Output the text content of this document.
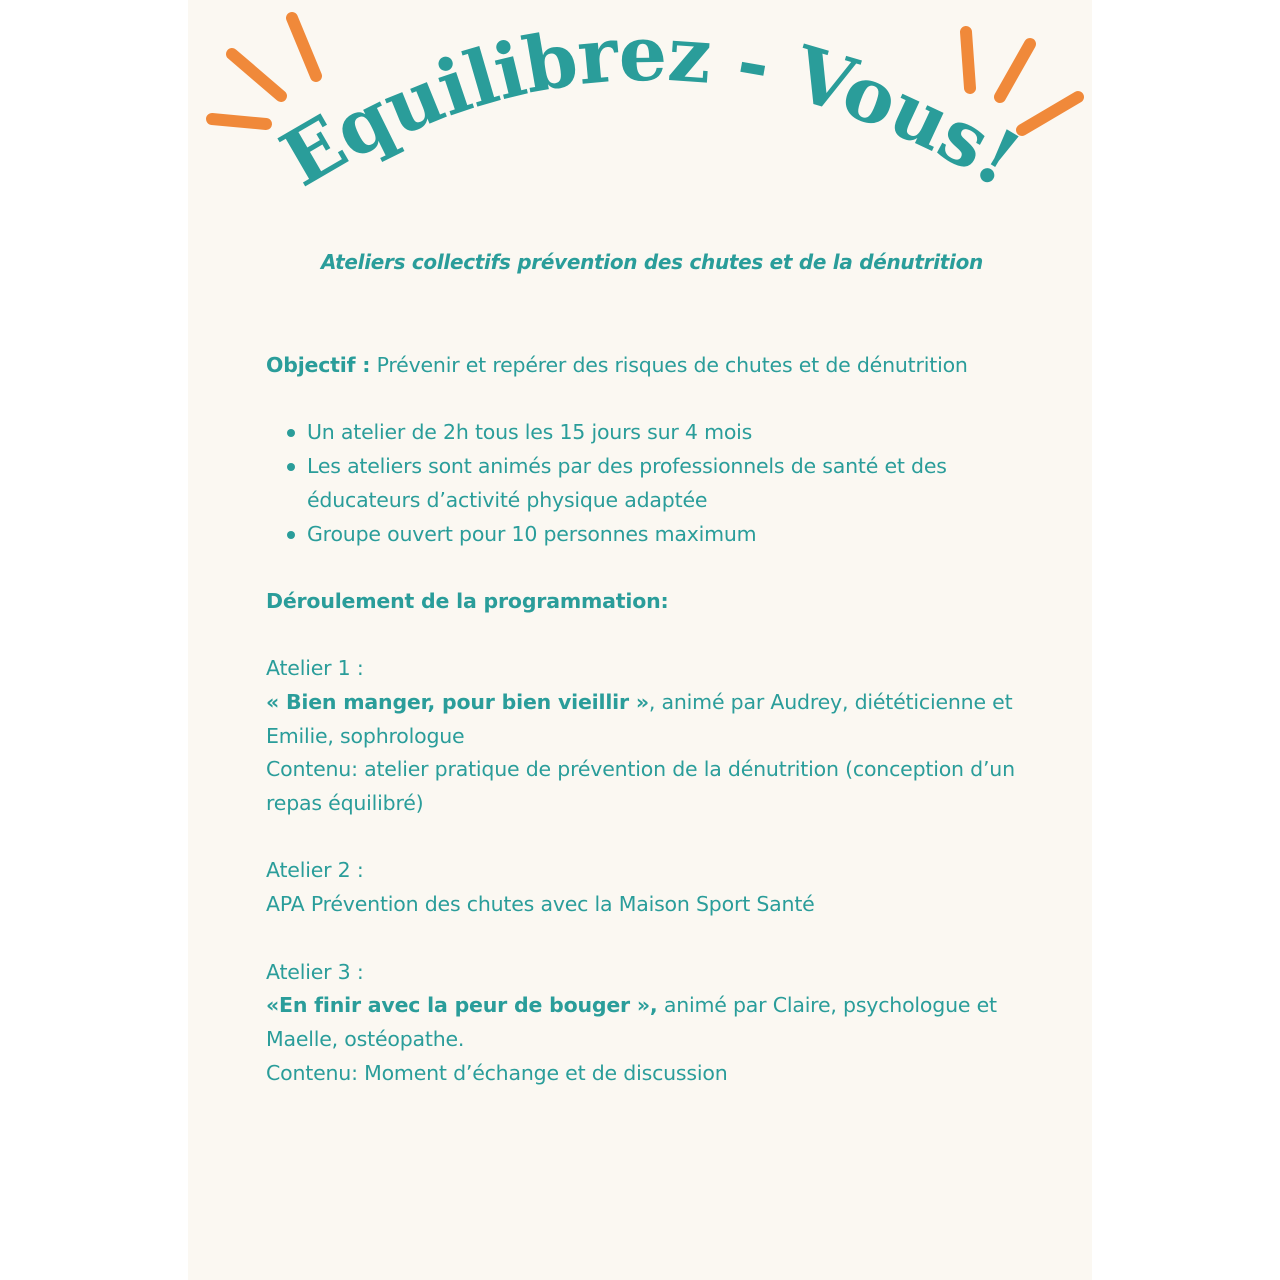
Equilibrez - Vous!
Ateliers collectifs prévention des chutes et de la dénutrition

Objectif : Prévenir et repérer des risques de chutes et de dénutrition

Un atelier de 2h tous les 15 jours sur 4 mois
Les ateliers sont animés par des professionnels de santé et des éducateurs d’activité physique adaptée
Groupe ouvert pour 10 personnes maximum

Déroulement de la programmation:

Atelier 1 :

« Bien manger, pour bien vieillir », animé par Audrey, diététicienne et Emilie, sophrologue

Contenu: atelier pratique de prévention de la dénutrition (conception d’un repas équilibré)

Atelier 2 :

APA Prévention des chutes avec la Maison Sport Santé

Atelier 3 :

«En finir avec la peur de bouger », animé par Claire, psychologue et Maelle, ostéopathe.

Contenu: Moment d’échange et de discussion
